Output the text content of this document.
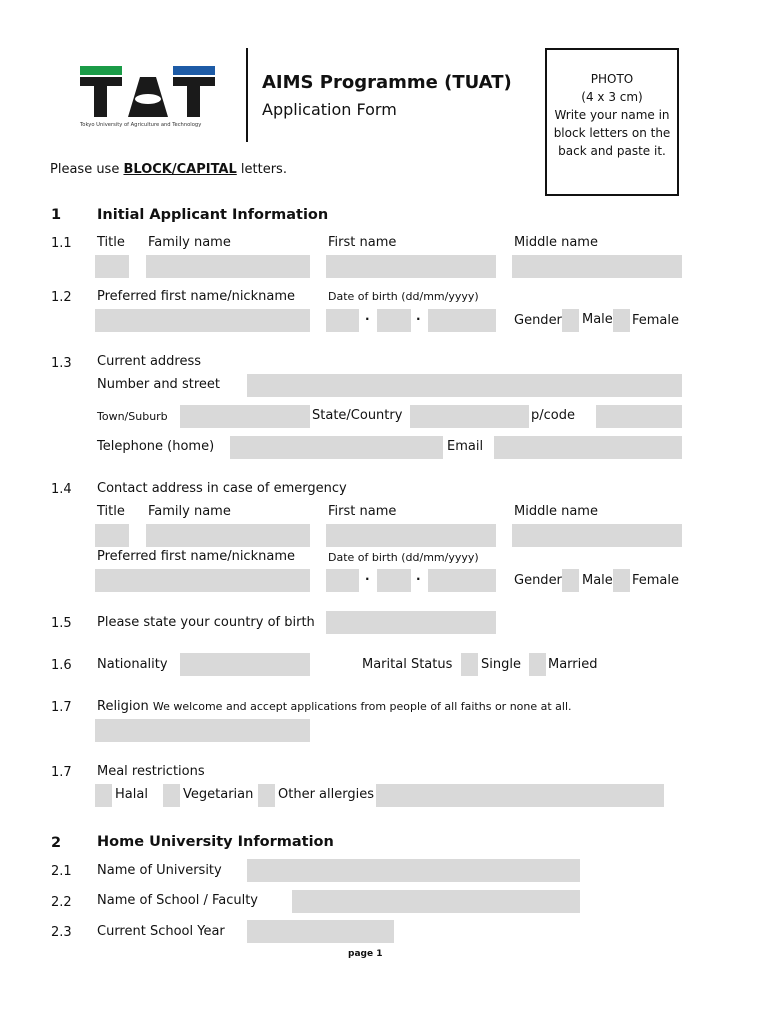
Tokyo University of Agriculture and Technology
AIMS Programme (TUAT)
Application Form
PHOTO
(4 x 3 cm)
Write your name in
block letters on the
back and paste it.
Please use BLOCK/CAPITAL letters.
1 Initial Applicant Information
1.1 Title Family name	First name	Middle name
1.2 Preferred first name/nickname	Date of birth (dd/mm/yyyy)
·	·	Gender Male Female
1.3 Current address
Number and street
Town/Suburb	State/Country	p/code
Telephone (home)	Email
1.4 Contact address in case of emergency
Title Family name	First name	Middle name
Preferred first name/nickname	Date of birth (dd/mm/yyyy)
·	·	Gender Male Female
1.5 Please state your country of birth
1.6 Nationality	Marital Status Single Married
1.7 Religion We welcome and accept applications from people of all faiths or none at all.
1.7 Meal restrictions
Halal	Vegetarian Other allergies
2 Home University Information
2.1 Name of University
2.2 Name of School / Faculty
2.3 Current School Year
page 1
